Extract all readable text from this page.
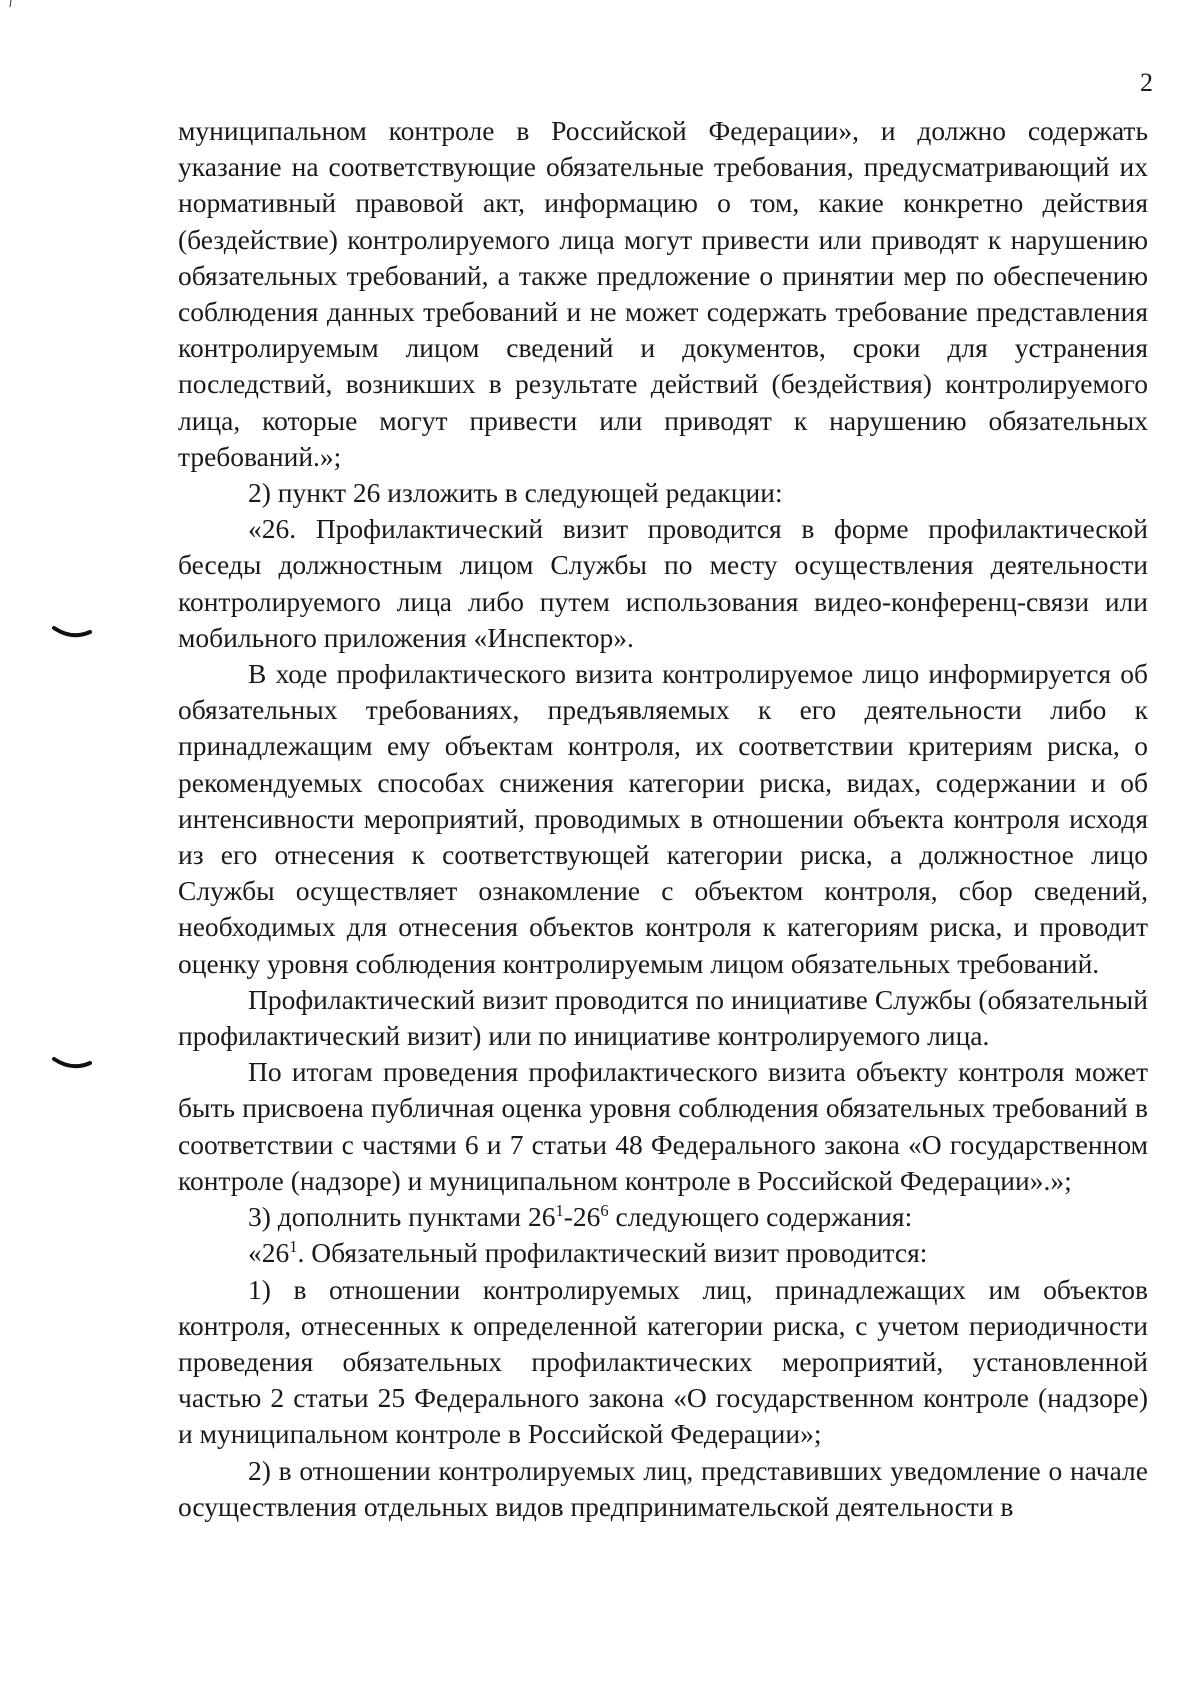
2

муниципальном контроле в Российской Федерации», и должно содержать указание на соответствующие обязательные требования, предусматривающий их нормативный правовой акт, информацию о том, какие конкретно действия (бездействие) контролируемого лица могут привести или приводят к нарушению обязательных требований, а также предложение о принятии мер по обеспечению соблюдения данных требований и не может содержать требование представления контролируемым лицом сведений и документов, сроки для устранения последствий, возникших в результате действий (бездействия) контролируемого лица, которые могут привести или приводят к нарушению обязательных требований.»;

2) пункт 26 изложить в следующей редакции:

«26. Профилактический визит проводится в форме профилактической беседы должностным лицом Службы по месту осуществления деятельности контролируемого лица либо путем использования видео-конференц-связи или мобильного приложения «Инспектор».

В ходе профилактического визита контролируемое лицо информируется об обязательных требованиях, предъявляемых к его деятельности либо к принадлежащим ему объектам контроля, их соответствии критериям риска, о рекомендуемых способах снижения категории риска, видах, содержании и об интенсивности мероприятий, проводимых в отношении объекта контроля исходя из его отнесения к соответствующей категории риска, а должностное лицо Службы осуществляет ознакомление с объектом контроля, сбор сведений, необходимых для отнесения объектов контроля к категориям риска, и проводит оценку уровня соблюдения контролируемым лицом обязательных требований.

Профилактический визит проводится по инициативе Службы (обязательный профилактический визит) или по инициативе контролируемого лица.

По итогам проведения профилактического визита объекту контроля может быть присвоена публичная оценка уровня соблюдения обязательных требований в соответствии с частями 6 и 7 статьи 48 Федерального закона «О государственном контроле (надзоре) и муниципальном контроле в Российской Федерации».»;

3) дополнить пунктами $26^1-26^6$ следующего содержания:

«$26^1$. Обязательный профилактический визит проводится:

1) в отношении контролируемых лиц, принадлежащих им объектов контроля, отнесенных к определенной категории риска, с учетом периодичности проведения обязательных профилактических мероприятий, установленной частью 2 статьи 25 Федерального закона «О государственном контроле (надзоре) и муниципальном контроле в Российской Федерации»;

2) в отношении контролируемых лиц, представивших уведомление о начале осуществления отдельных видов предпринимательской деятельности в
